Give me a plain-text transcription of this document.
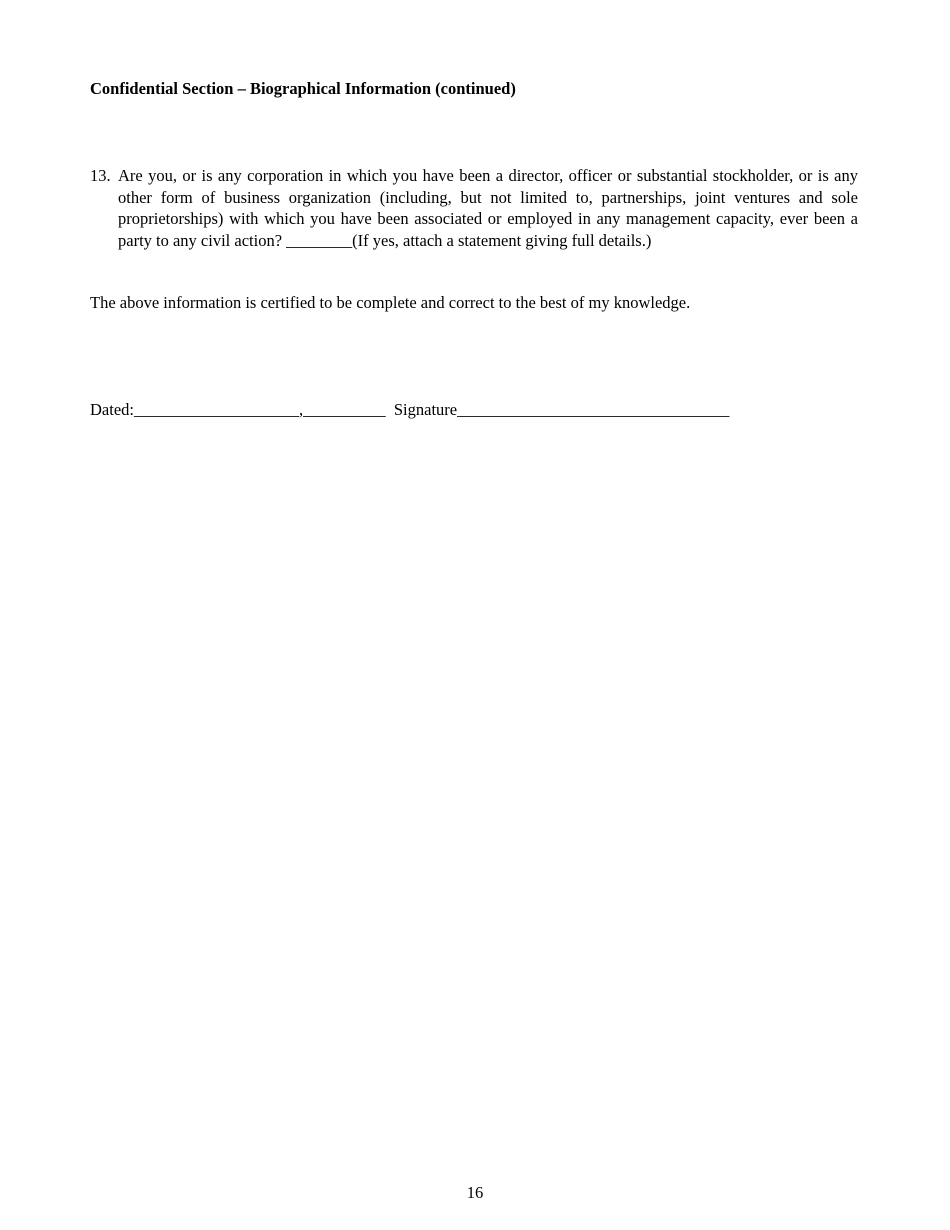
Confidential Section – Biographical Information (continued)
13. Are you, or is any corporation in which you have been a director, officer or substantial stockholder, or is any other form of business organization (including, but not limited to, partnerships, joint ventures and sole proprietorships) with which you have been associated or employed in any management capacity, ever been a party to any civil action? ________(If yes, attach a statement giving full details.)
The above information is certified to be complete and correct to the best of my knowledge.
Dated:____________________,__________ Signature_________________________________
16
